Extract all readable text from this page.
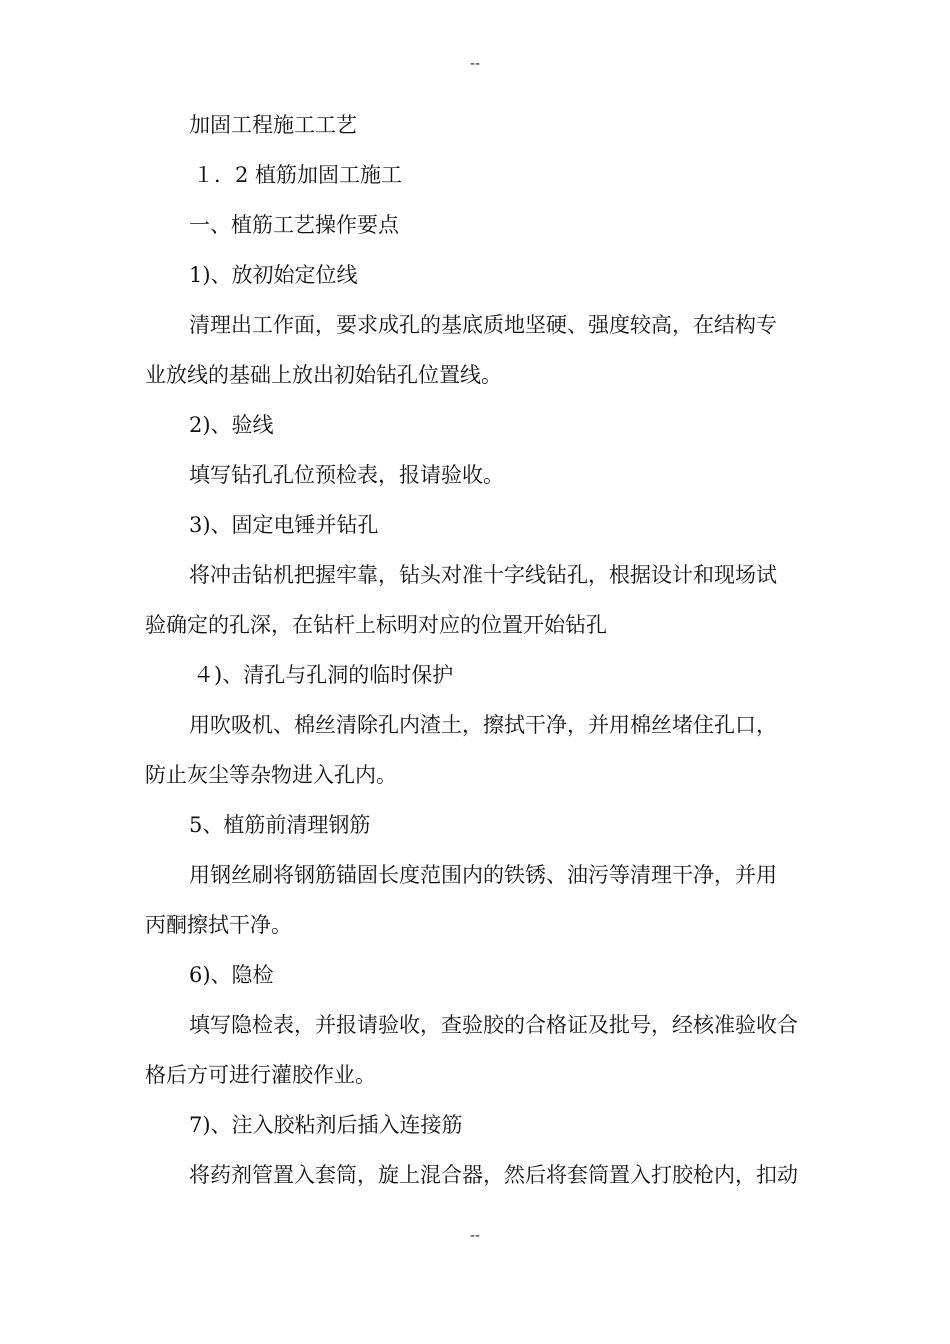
--
加固工程施工工艺
１．2 植筋加固工施工
一、植筋工艺操作要点
1)、放初始定位线
清理出工作面，要求成孔的基底质地坚硬、强度较高，在结构专
业放线的基础上放出初始钻孔位置线。
2)、验线
填写钻孔孔位预检表，报请验收。
3)、固定电锤并钻孔
将冲击钻机把握牢靠，钻头对准十字线钻孔，根据设计和现场试
验确定的孔深，在钻杆上标明对应的位置开始钻孔
４)、清孔与孔洞的临时保护
用吹吸机、棉丝清除孔内渣土，擦拭干净，并用棉丝堵住孔口，
防止灰尘等杂物进入孔内。
5、植筋前清理钢筋
用钢丝刷将钢筋锚固长度范围内的铁锈、油污等清理干净，并用
丙酮擦拭干净。
6)、隐检
填写隐检表，并报请验收，查验胶的合格证及批号，经核准验收合
格后方可进行灌胶作业。
7)、注入胶粘剂后插入连接筋
将药剂管置入套筒，旋上混合器，然后将套筒置入打胶枪内，扣动
--
